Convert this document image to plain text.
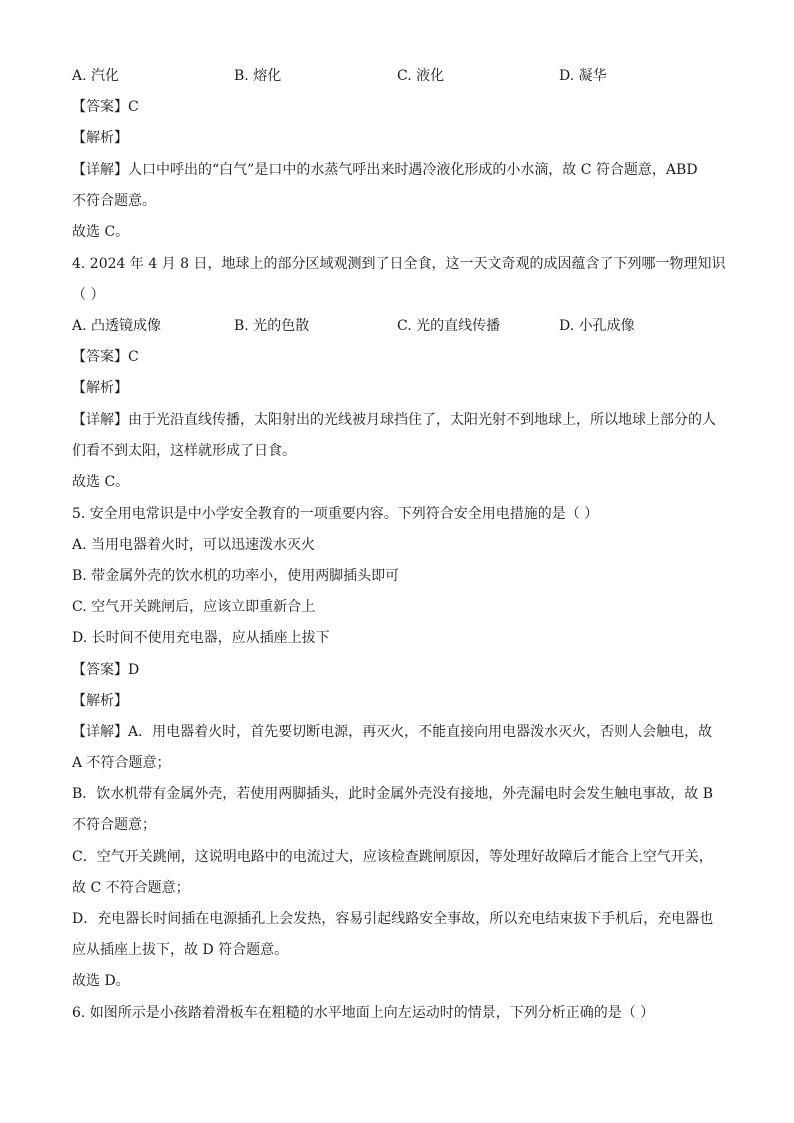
A. 汽化	B. 熔化	C. 液化	D. 凝华
【答案】C
【解析】
【详解】人口中呼出的“白气”是口中的水蒸气呼出来时遇冷液化形成的小水滴，故 C 符合题意，ABD
不符合题意。
故选 C。
4. 2024 年 4 月 8 日，地球上的部分区域观测到了日全食，这一天文奇观的成因蕴含了下列哪一物理知识
（ ）
A. 凸透镜成像	B. 光的色散	C. 光的直线传播	D. 小孔成像
【答案】C
【解析】
【详解】由于光沿直线传播，太阳射出的光线被月球挡住了，太阳光射不到地球上，所以地球上部分的人
们看不到太阳，这样就形成了日食。
故选 C。
5. 安全用电常识是中小学安全教育的一项重要内容。下列符合安全用电措施的是（ ）
A. 当用电器着火时，可以迅速泼水灭火
B. 带金属外壳的饮水机的功率小，使用两脚插头即可
C. 空气开关跳闸后，应该立即重新合上
D. 长时间不使用充电器，应从插座上拔下
【答案】D
【解析】
【详解】A．用电器着火时，首先要切断电源，再灭火，不能直接向用电器泼水灭火，否则人会触电，故
A 不符合题意；
B．饮水机带有金属外壳，若使用两脚插头，此时金属外壳没有接地，外壳漏电时会发生触电事故，故 B
不符合题意；
C．空气开关跳闸，这说明电路中的电流过大，应该检查跳闸原因，等处理好故障后才能合上空气开关，
故 C 不符合题意；
D．充电器长时间插在电源插孔上会发热，容易引起线路安全事故，所以充电结束拔下手机后，充电器也
应从插座上拔下，故 D 符合题意。
故选 D。
6. 如图所示是小孩踏着滑板车在粗糙的水平地面上向左运动时的情景，下列分析正确的是（ ）
